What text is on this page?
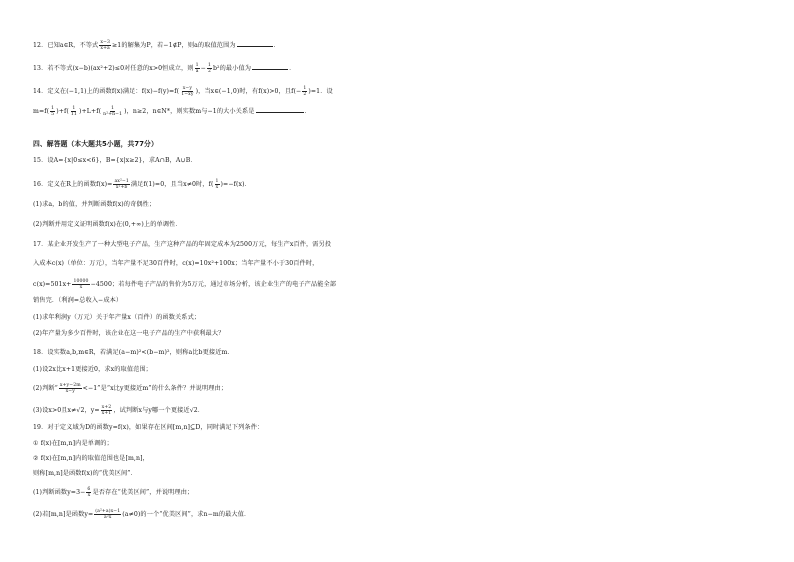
12．已知a∈R，不等式 $\frac{x-3}{x+a} \ge 1$的解集为P，若−1∉P，则a的取值范围为	．
13．若不等式(x−b)(ax²+2)≤0对任意的x>0恒成立，则 $\frac{1}{a} - \frac{1}{2} b^2$的最小值为	．
14．定义在(−1,1)上的函数f(x)满足：$f(x)-f(y)=f( \frac{x-y}{1-xy}$ )，当x∈(−1,0)时，有f(x)>0，且$f(- \frac{1}{2} )=1$．设
$m=f( \frac{1}{5} )+f( \frac{1}{11} )+L+f( \frac{1}{\text{n²+n−1}}$ )，n≥2，n∈N*，则实数m与−1的大小关系是	．
四、解答题（本大题共5小题，共77分）
15．设A={x|0≤x<6}，B={x|x≥2}，求A∩B，A∪B．
16．定义在R上的函数$f(x)= \frac{\text{ax²−1}}{\text{x²+b}}$ 满足f(1)=0，且当x≠0时，$f( \frac{1}{x} )=-f(x)$．
(1)求a，b的值，并判断函数f(x)的奇偶性；
(2)判断并用定义证明函数f(x)在(0,+∞)上的单调性．
17．某企业开发生产了一种大型电子产品，生产这种产品的年固定成本为2500万元，每生产x百件，需另投
入成本c(x)（单位：万元），当年产量不足30百件时，c(x)=10x²+100x；当年产量不小于30百件时，
$c(x)=501x+ \frac{10000}{x} -4500$；若每件电子产品的售价为5万元，通过市场分析，该企业生产的电子产品能全部
销售完．（利润=总收入−成本）
(1)求年利润y（万元）关于年产量x（百件）的函数关系式；
(2)年产量为多少百件时，该企业在这一电子产品的生产中获利最大？
18．设实数a,b,m∈R，若满足(a−m)²<(b−m)²，则称a比b更接近m．
(1)设2x比x+1更接近0，求x的取值范围；
(2)判断“ $\frac{x+y-2m}{x-y} <-1$”是“x比y更接近m”的什么条件？并说明理由；
(3)设x>0且x≠√2，$y= \frac{x+2}{x+1}$ ，试判断x与y哪一个更接近√2．
19．对于定义域为D的函数y=f(x)，如果存在区间[m,n]⊆D，同时满足下列条件：
① f(x)在[m,n]内是单调的；
② f(x)在[m,n]内的取值范围也是[m,n]，
则称[m,n]是函数f(x)的“优美区间”．
(1)判断函数$y=3- \frac{6}{x}$ 是否存在“优美区间”，并说明理由；
(2)若[m,n]是函数$y= \frac{\text{(a²+a)x−1}}{\text{a²x}} (a\ne 0)$的一个“优美区间”，求n−m的最大值．
